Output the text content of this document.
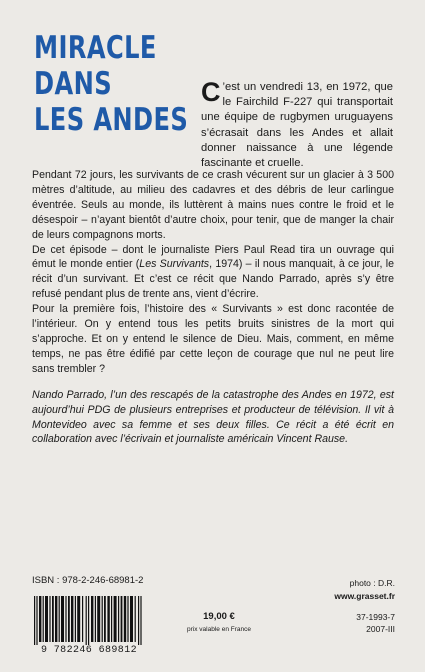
MIRACLE
DANS
LES ANDES
C ’est un vendredi 13, en 1972, que le Fairchild F-227 qui transportait une équipe de rugbymen uruguayens s’écrasait dans les Andes et allait donner naissance à une légende fascinante et cruelle.

Pendant 72 jours, les survivants de ce crash vécurent sur un glacier à 3 500 mètres d’altitude, au milieu des cadavres et des débris de leur carlingue éventrée. Seuls au monde, ils luttèrent à mains nues contre le froid et le désespoir – n’ayant bientôt d’autre choix, pour tenir, que de manger la chair de leurs compagnons morts.

De cet épisode – dont le journaliste Piers Paul Read tira un ouvrage qui émut le monde entier (Les Survivants, 1974) – il nous manquait, à ce jour, le récit d’un survivant. Et c’est ce récit que Nando Parrado, après s’y être refusé pendant plus de trente ans, vient d’écrire.

Pour la première fois, l’histoire des « Survivants » est donc racontée de l’intérieur. On y entend tous les petits bruits sinistres de la mort qui s’approche. Et on y entend le silence de Dieu. Mais, comment, en même temps, ne pas être édifié par cette leçon de courage que nul ne peut lire sans trembler ?

Nando Parrado, l’un des rescapés de la catastrophe des Andes en 1972, est aujourd’hui PDG de plusieurs entreprises et producteur de télévision. Il vit à Montevideo avec sa femme et ses deux filles. Ce récit a été écrit en collaboration avec l’écrivain et journaliste américain Vincent Rause.

ISBN : 978-2-246-68981-2
9 782246 689812
19,00 €
prix valable en France
photo : D.R.
www.grasset.fr
37-1993-7
2007-III
